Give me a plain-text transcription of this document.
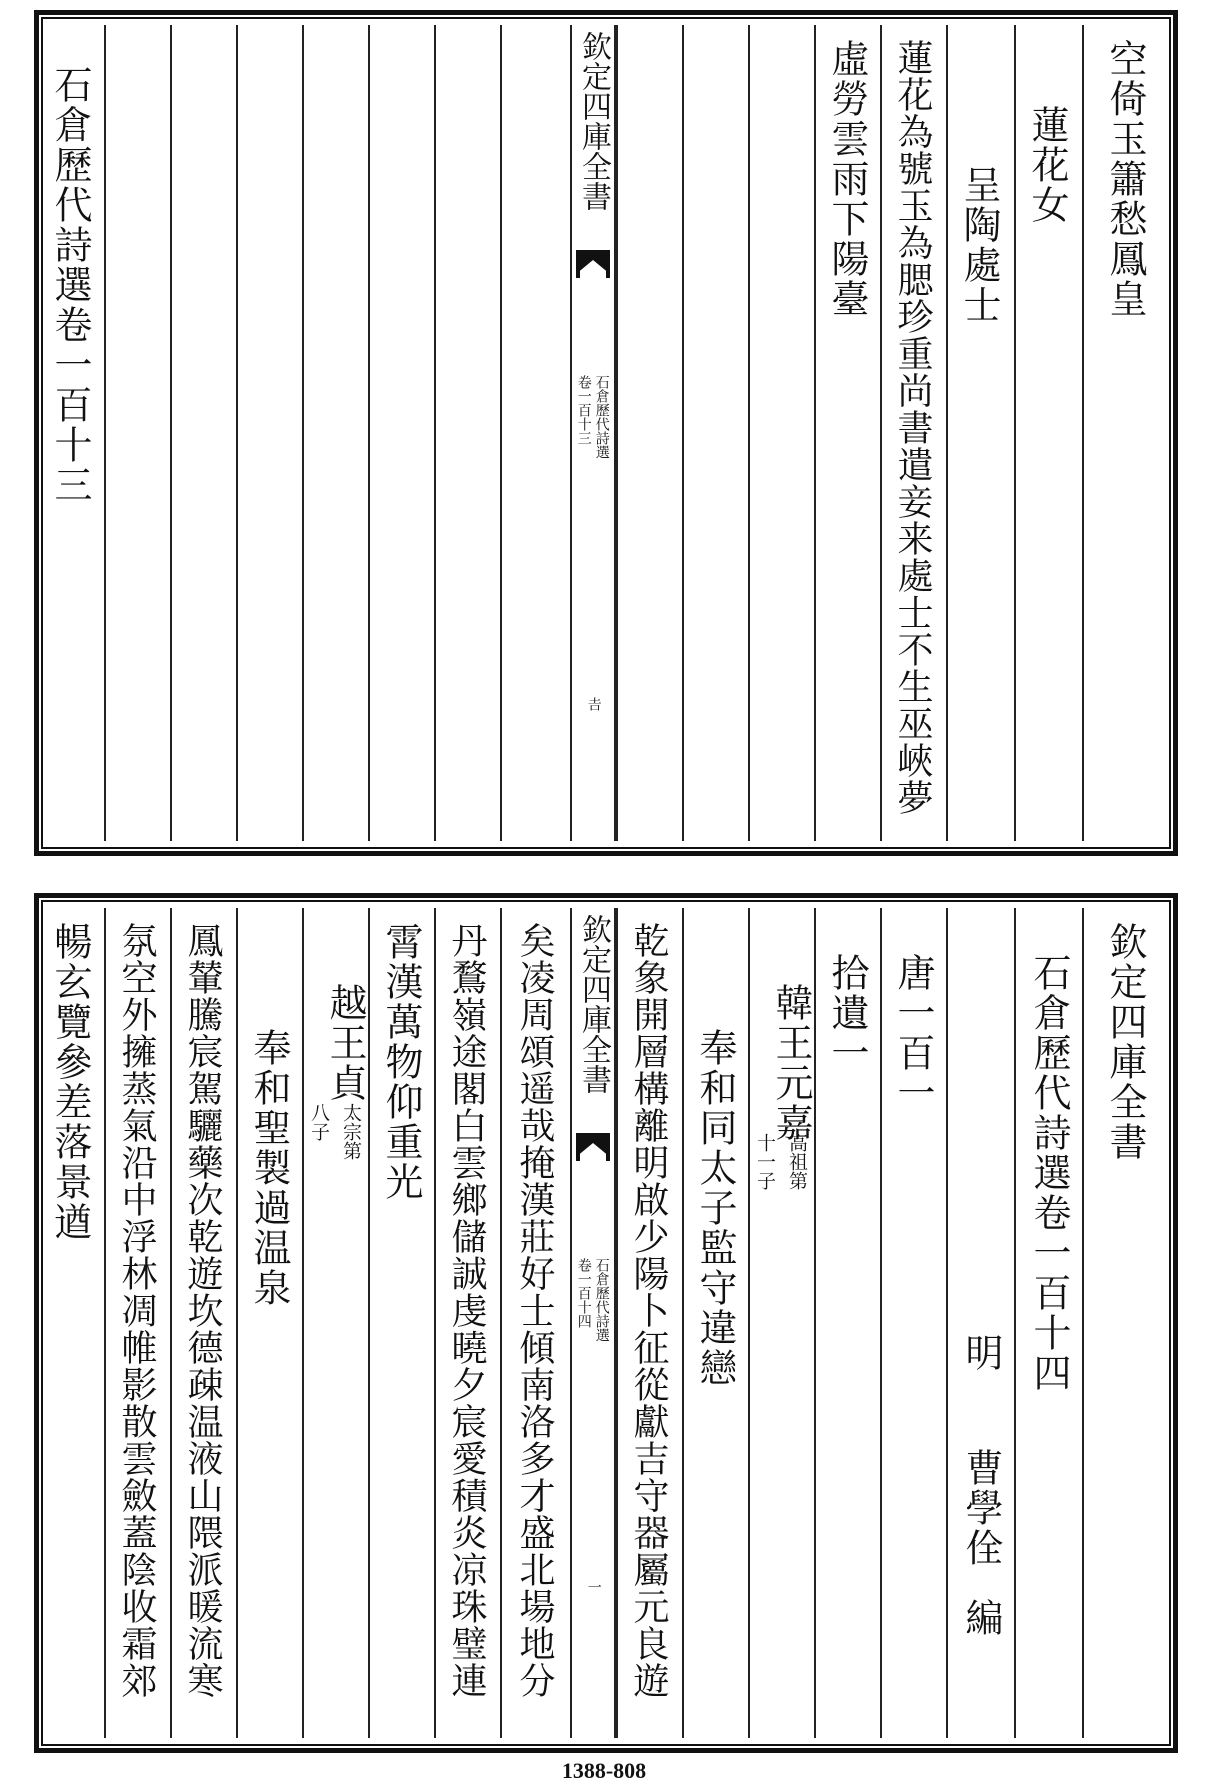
石倉歷代詩選卷一百十三	欽定四庫全書
石倉歷代詩選
卷一百十三
𠮷
虛勞雲雨下陽臺 蓮花為號玉為腮珍重尚書遣妾来處士不生巫峽夢 呈陶處士 蓮花女 空倚玉簫愁鳳皇
暢玄覽參差落景遒 氛空外擁蒸氣沿中浮林凋帷影散雲斂蓋陰收霜郊 鳳輦騰宸駕驪藥次乾遊坎德疎温液山隈派暖流寒 奉和聖製過温泉 越王貞
八子 太宗第 霄漢萬物仰重光 丹鶩嶺途閣白雲鄉儲誠虔曉夕宸愛積炎凉珠璧連 矣凌周頌遥哉掩漢莊好士傾南洛多才盛北場地分 欽定四庫全書
石倉歷代詩選
卷一百十四
一 乾象開層構離明啟少陽卜征從獻吉守器屬元良遊 奉和同太子監守違戀 韓王元嘉
十一子 高祖第
拾遺一 唐一百一
明
曹學佺
編
石倉歷代詩選卷一百十四 欽定四庫全書
1388-808
